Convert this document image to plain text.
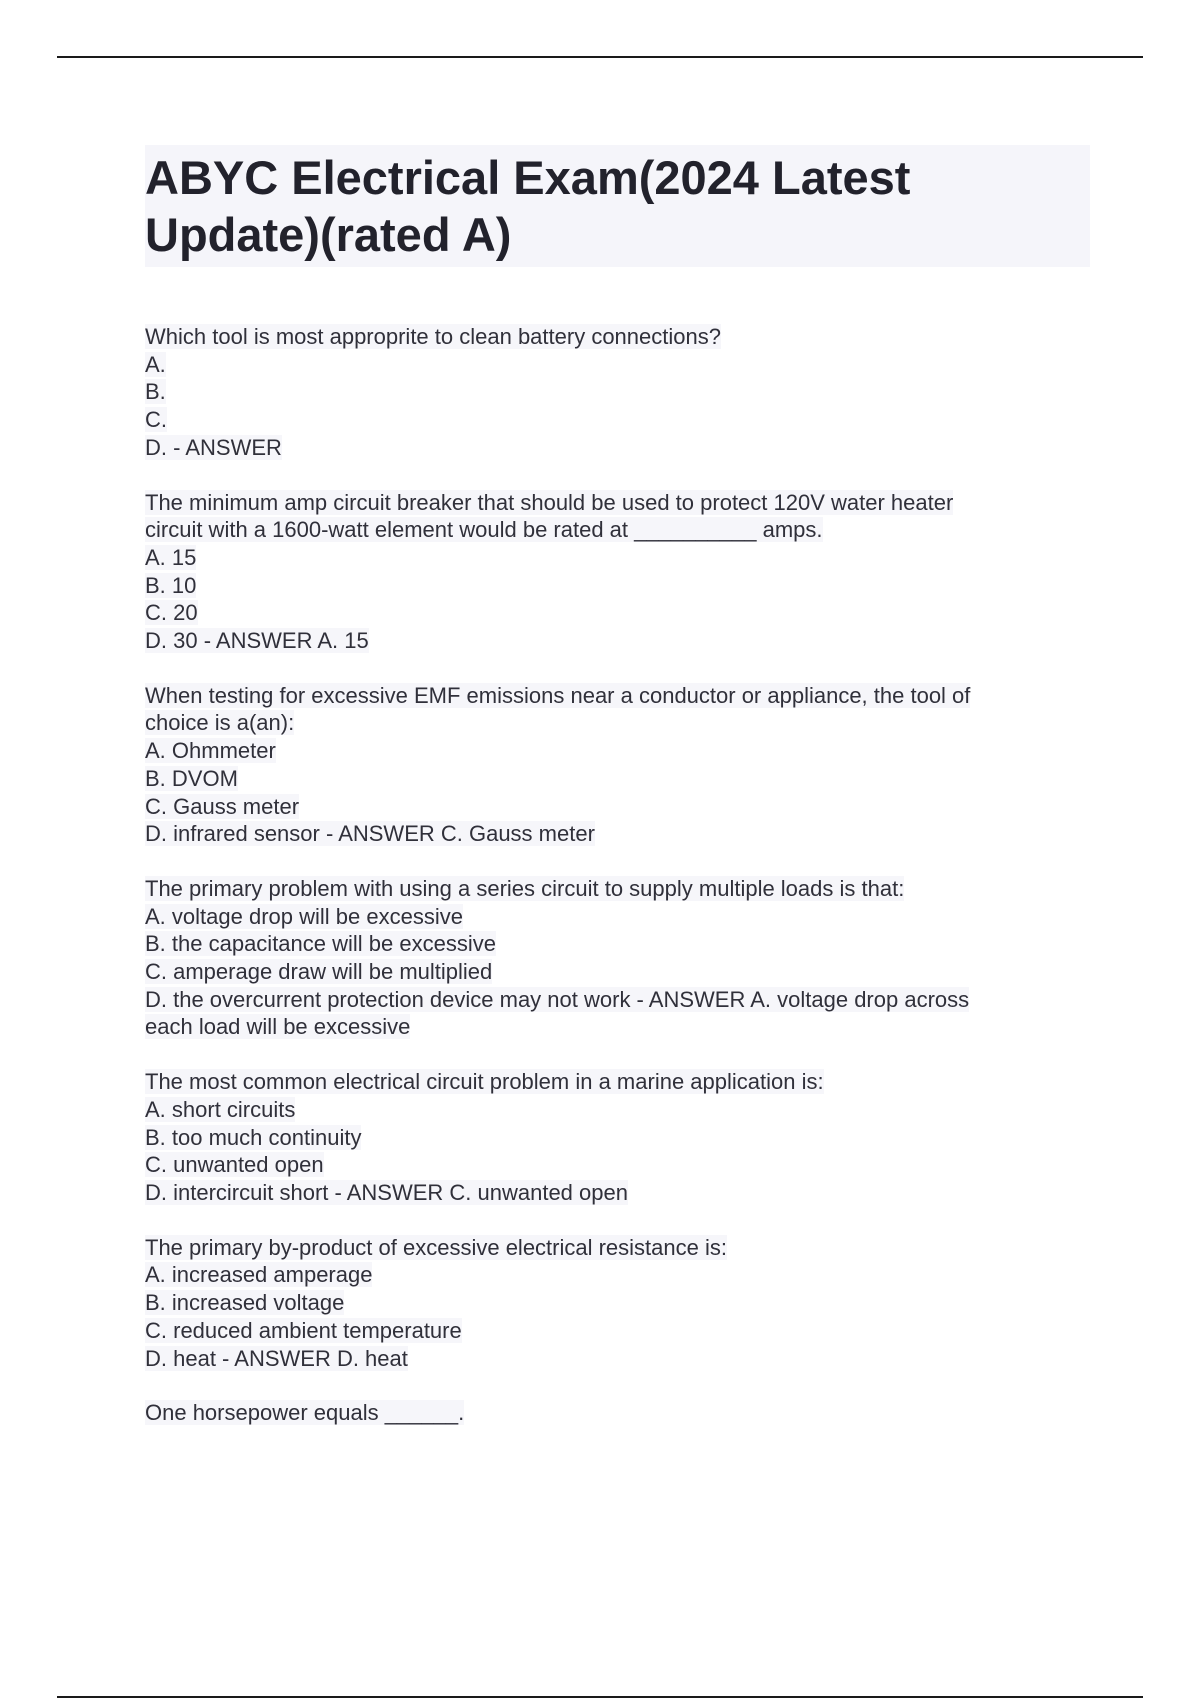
ABYC Electrical Exam(2024 Latest Update)(rated A)
Which tool is most approprite to clean battery connections?
A.
B.
C.
D. - ANSWER
The minimum amp circuit breaker that should be used to protect 120V water heater
circuit with a 1600-watt element would be rated at __________ amps.
A. 15
B. 10
C. 20
D. 30 - ANSWER A. 15
When testing for excessive EMF emissions near a conductor or appliance, the tool of
choice is a(an):
A. Ohmmeter
B. DVOM
C. Gauss meter
D. infrared sensor - ANSWER C. Gauss meter
The primary problem with using a series circuit to supply multiple loads is that:
A. voltage drop will be excessive
B. the capacitance will be excessive
C. amperage draw will be multiplied
D. the overcurrent protection device may not work - ANSWER A. voltage drop across
each load will be excessive
The most common electrical circuit problem in a marine application is:
A. short circuits
B. too much continuity
C. unwanted open
D. intercircuit short - ANSWER C. unwanted open
The primary by-product of excessive electrical resistance is:
A. increased amperage
B. increased voltage
C. reduced ambient temperature
D. heat - ANSWER D. heat
One horsepower equals ______.
